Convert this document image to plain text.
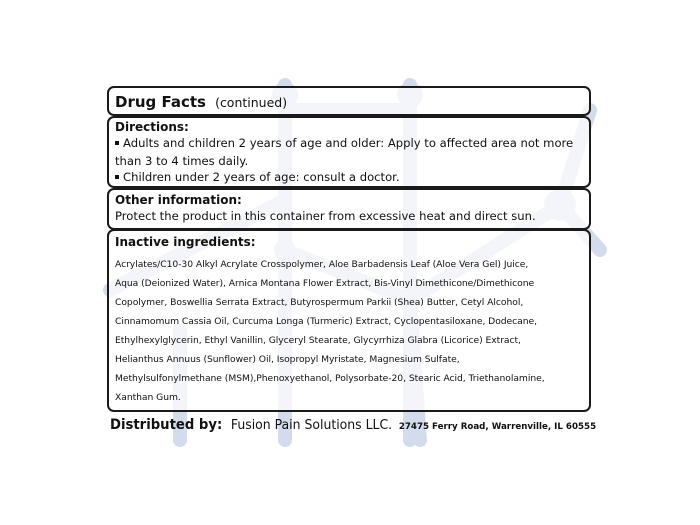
Drug Facts (continued)
Directions:
Adults and children 2 years of age and older: Apply to affected area not more
than 3 to 4 times daily.
Children under 2 years of age: consult a doctor.
Other information:
Protect the product in this container from excessive heat and direct sun.
Inactive ingredients:
Acrylates/C10-30 Alkyl Acrylate Crosspolymer, Aloe Barbadensis Leaf (Aloe Vera Gel) Juice,
Aqua (Deionized Water), Arnica Montana Flower Extract, Bis-Vinyl Dimethicone/Dimethicone
Copolymer, Boswellia Serrata Extract, Butyrospermum Parkii (Shea) Butter, Cetyl Alcohol,
Cinnamomum Cassia Oil, Curcuma Longa (Turmeric) Extract, Cyclopentasiloxane, Dodecane,
Ethylhexylglycerin, Ethyl Vanillin, Glyceryl Stearate, Glycyrrhiza Glabra (Licorice) Extract,
Helianthus Annuus (Sunflower) Oil, Isopropyl Myristate, Magnesium Sulfate,
Methylsulfonylmethane (MSM),Phenoxyethanol, Polysorbate-20, Stearic Acid, Triethanolamine,
Xanthan Gum.
Distributed by: Fusion Pain Solutions LLC. 27475 Ferry Road, Warrenville, IL 60555
